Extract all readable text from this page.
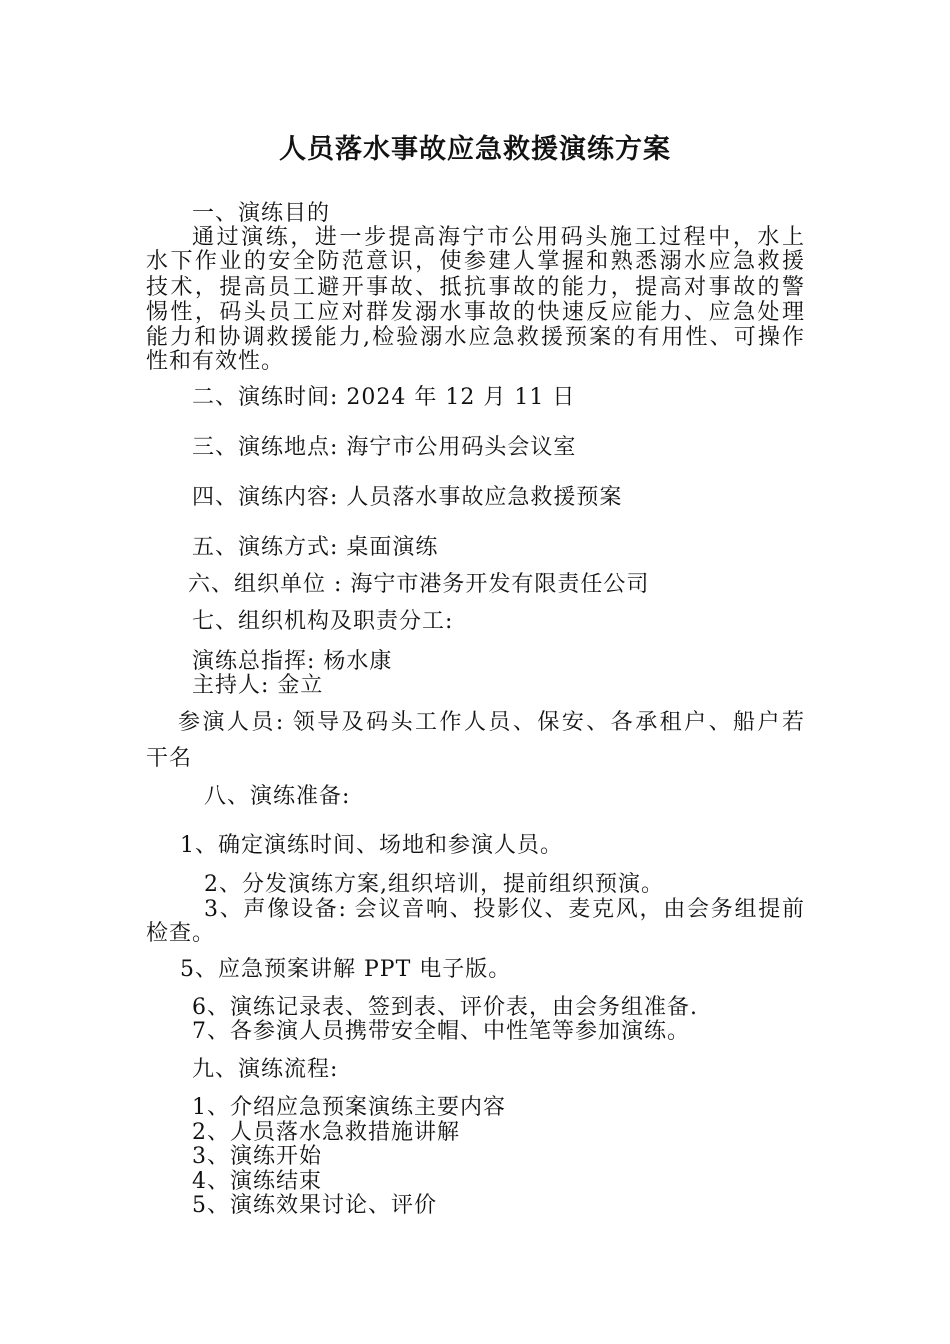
人员落水事故应急救援演练方案
一、演练目的
通过演练，进一步提高海宁市公用码头施工过程中，水上
水下作业的安全防范意识，使参建人掌握和熟悉溺水应急救援
技术，提高员工避开事故、抵抗事故的能力，提高对事故的警
惕性，码头员工应对群发溺水事故的快速反应能力、应急处理
能力和协调救援能力,检验溺水应急救援预案的有用性、可操作
性和有效性。
二、演练时间: 2024 年 12 月 11 日
三、演练地点: 海宁市公用码头会议室
四、演练内容: 人员落水事故应急救援预案
五、演练方式: 桌面演练
六、组织单位 : 海宁市港务开发有限责任公司
七、组织机构及职责分工:
演练总指挥: 杨水康
主持人: 金立
参演人员: 领导及码头工作人员、保安、各承租户、船户若
干名
八、演练准备:
1、确定演练时间、场地和参演人员。
2、分发演练方案,组织培训，提前组织预演。
3、声像设备: 会议音响、投影仪、麦克风，由会务组提前
检查。
5、应急预案讲解 PPT 电子版。
6、演练记录表、签到表、评价表，由会务组准备.
7、各参演人员携带安全帽、中性笔等参加演练。
九、演练流程:
1、介绍应急预案演练主要内容
2、人员落水急救措施讲解
3、演练开始
4、演练结束
5、演练效果讨论、评价
